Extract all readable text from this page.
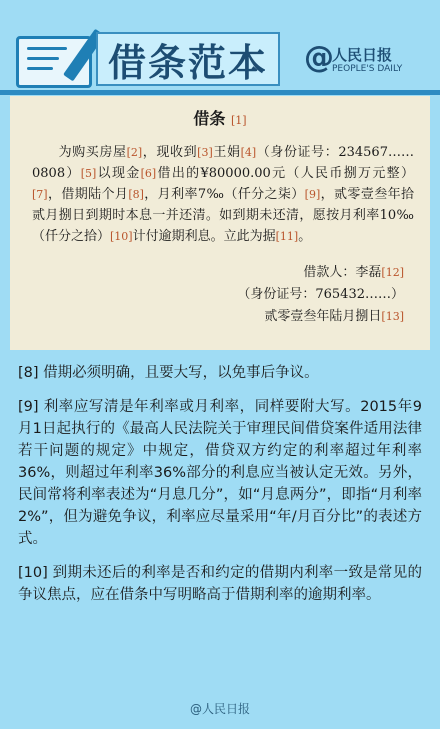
借条范本	@
人民日报
PEOPLE'S DAILY
借条 [1]
为购买房屋[2]，现收到[3]王娟[4]（身份证号：234567……0808）[5]以现金[6]借出的¥80000.00元（人民币捌万元整）[7]，借期陆个月[8]，月利率7‰（仟分之柒）[9]，贰零壹叁年拾贰月捌日到期时本息一并还清。如到期未还清，愿按月利率10‰（仟分之拾）[10]计付逾期利息。立此为据[11]。
借款人：李磊[12]
（身份证号：765432……）
贰零壹叁年陆月捌日[13]

[8] 借期必须明确，且要大写，以免事后争议。

[9] 利率应写清是年利率或月利率，同样要附大写。2015年9月1日起执行的《最高人民法院关于审理民间借贷案件适用法律若干问题的规定》中规定，借贷双方约定的利率超过年利率36%，则超过年利率36%部分的利息应当被认定无效。另外，民间常将利率表述为“月息几分”，如“月息两分”，即指“月利率2%”，但为避免争议，利率应尽量采用“年/月百分比”的表述方式。

[10] 到期未还后的利率是否和约定的借期内利率一致是常见的争议焦点，应在借条中写明略高于借期利率的逾期利率。

@人民日报
